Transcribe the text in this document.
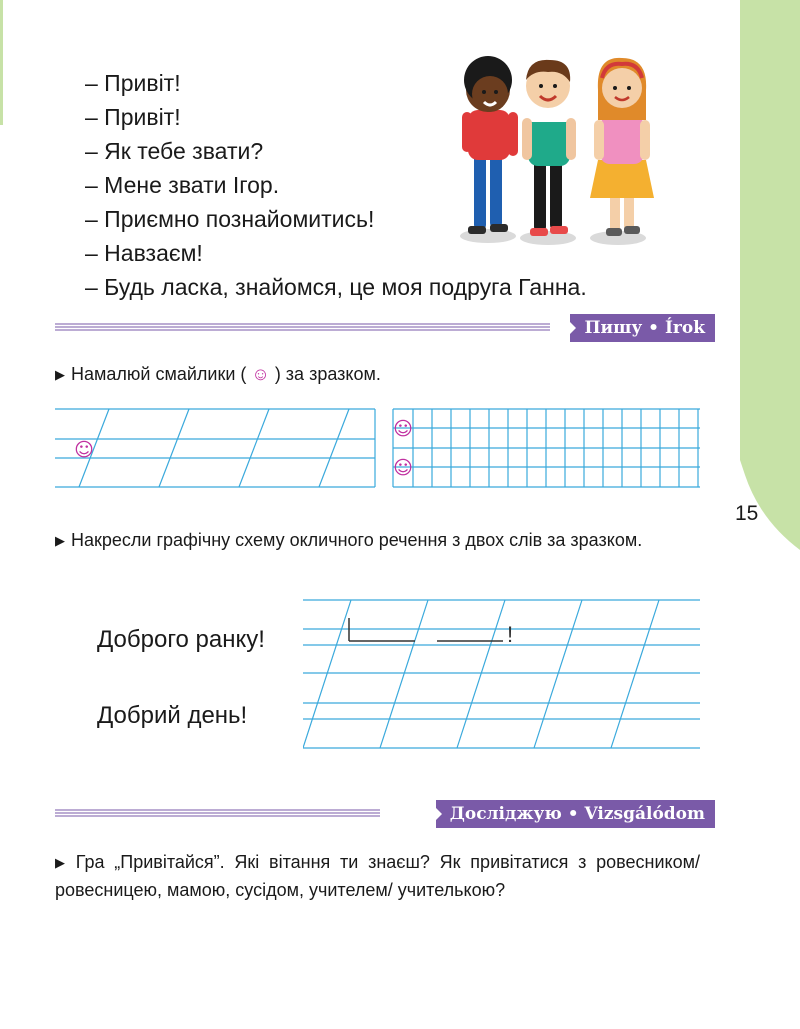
– Привіт!
– Привіт!
– Як тебе звати?
– Мене звати Ігор.
– Приємно познайомитись!
– Навзаєм!
– Будь ласка, знайомся, це моя подруга Ганна.
Пишу • Írok
▶ Намалюй смайлики ( ☺ ) за зразком.
☺
☺
☺
15
▶ Накресли графічну схему окличного речення з двох слів за зразком.
Доброго ранку!
Добрий день!
!
Досліджую • Vizsgálódom
▶ Гра „Привітайся”. Які вітання ти знаєш? Як привітатися з ровесником/ровесницею, мамою, сусідом, учителем/ учителькою?
